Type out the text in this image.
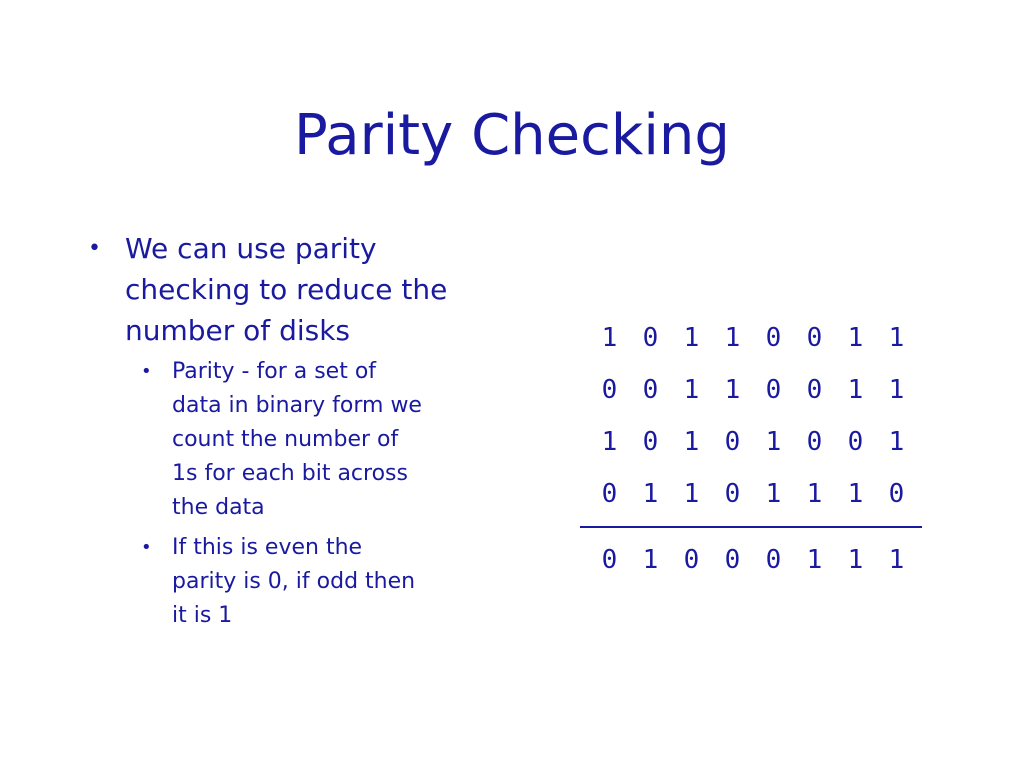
Parity Checking
• We can use parity checking to reduce the number of disks
• Parity - for a set of data in binary form we count the number of 1s for each bit across the data
• If this is even the parity is 0, if odd then it is 1
1 0 1 1 0 0 1 1
0 0 1 1 0 0 1 1
1 0 1 0 1 0 0 1
0 1 1 0 1 1 1 0
0 1 0 0 0 1 1 1
